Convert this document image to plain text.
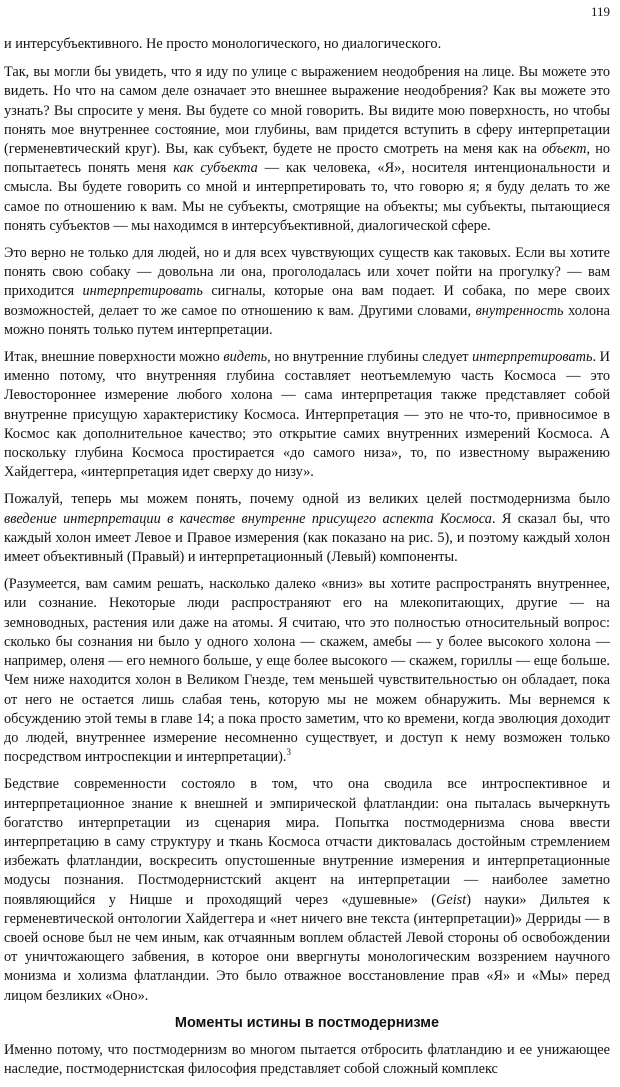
119

и интерсубъективного. Не просто монологического, но диалогического.

Так, вы могли бы увидеть, что я иду по улице с выражением неодобрения на лице. Вы можете это видеть. Но что на самом деле означает это внешнее выражение неодобрения? Как вы можете это узнать? Вы спросите у меня. Вы будете со мной говорить. Вы видите мою поверхность, но чтобы понять мое внутреннее состояние, мои глубины, вам придется вступить в сферу интерпретации (герменевтический круг). Вы, как субъект, будете не просто смотреть на меня как на объект, но попытаетесь понять меня как субъекта — как человека, «Я», носителя интенциональности и смысла. Вы будете говорить со мной и интерпретировать то, что говорю я; я буду делать то же самое по отношению к вам. Мы не субъекты, смотрящие на объекты; мы субъекты, пытающиеся понять субъектов — мы находимся в интерсубъективной, диалогической сфере.

Это верно не только для людей, но и для всех чувствующих существ как таковых. Если вы хотите понять свою собаку — довольна ли она, проголодалась или хочет пойти на прогулку? — вам приходится интерпретировать сигналы, которые она вам подает. И собака, по мере своих возможностей, делает то же самое по отношению к вам. Другими словами, внутренность холона можно понять только путем интерпретации.

Итак, внешние поверхности можно видеть, но внутренние глубины следует интерпретировать. И именно потому, что внутренняя глубина составляет неотъемлемую часть Космоса — это Левостороннее измерение любого холона — сама интерпретация также представляет собой внутренне присущую характеристику Космоса. Интерпретация — это не что-то, привносимое в Космос как дополнительное качество; это открытие самих внутренних измерений Космоса. А поскольку глубина Космоса простирается «до самого низа», то, по известному выражению Хайдеггера, «интерпретация идет сверху до низу».

Пожалуй, теперь мы можем понять, почему одной из великих целей постмодернизма было введение интерпретации в качестве внутренне присущего аспекта Космоса. Я сказал бы, что каждый холон имеет Левое и Правое измерения (как показано на рис. 5), и поэтому каждый холон имеет объективный (Правый) и интерпретационный (Левый) компоненты.

(Разумеется, вам самим решать, насколько далеко «вниз» вы хотите распространять внутреннее, или сознание. Некоторые люди распространяют его на млекопитающих, другие — на земноводных, растения или даже на атомы. Я считаю, что это полностью относительный вопрос: сколько бы сознания ни было у одного холона — скажем, амебы — у более высокого холона — например, оленя — его немного больше, у еще более высокого — скажем, гориллы — еще больше. Чем ниже находится холон в Великом Гнезде, тем меньшей чувствительностью он обладает, пока от него не остается лишь слабая тень, которую мы не можем обнаружить. Мы вернемся к обсуждению этой темы в главе 14; а пока просто заметим, что ко времени, когда эволюция доходит до людей, внутреннее измерение несомненно существует, и доступ к нему возможен только посредством интроспекции и интерпретации).$^3$

Бедствие современности состояло в том, что она сводила все интроспективное и интерпретационное знание к внешней и эмпирической флатландии: она пыталась вычеркнуть богатство интерпретации из сценария мира. Попытка постмодернизма снова ввести интерпретацию в саму структуру и ткань Космоса отчасти диктовалась достойным стремлением избежать флатландии, воскресить опустошенные внутренние измерения и интерпретационные модусы познания. Постмодернистский акцент на интерпретации — наиболее заметно появляющийся у Ницше и проходящий через «душевные» (Geist) науки» Дильтея к герменевтической онтологии Хайдеггера и «нет ничего вне текста (интерпретации)» Дерриды — в своей основе был не чем иным, как отчаянным воплем областей Левой стороны об освобождении от уничтожающего забвения, в которое они ввергнуты монологическим воззрением научного монизма и холизма флатландии. Это было отважное восстановление прав «Я» и «Мы» перед лицом безликих «Оно».

Моменты истины в постмодернизме

Именно потому, что постмодернизм во многом пытается отбросить флатландию и ее унижающее наследие, постмодернистская философия представляет собой сложный комплекс
